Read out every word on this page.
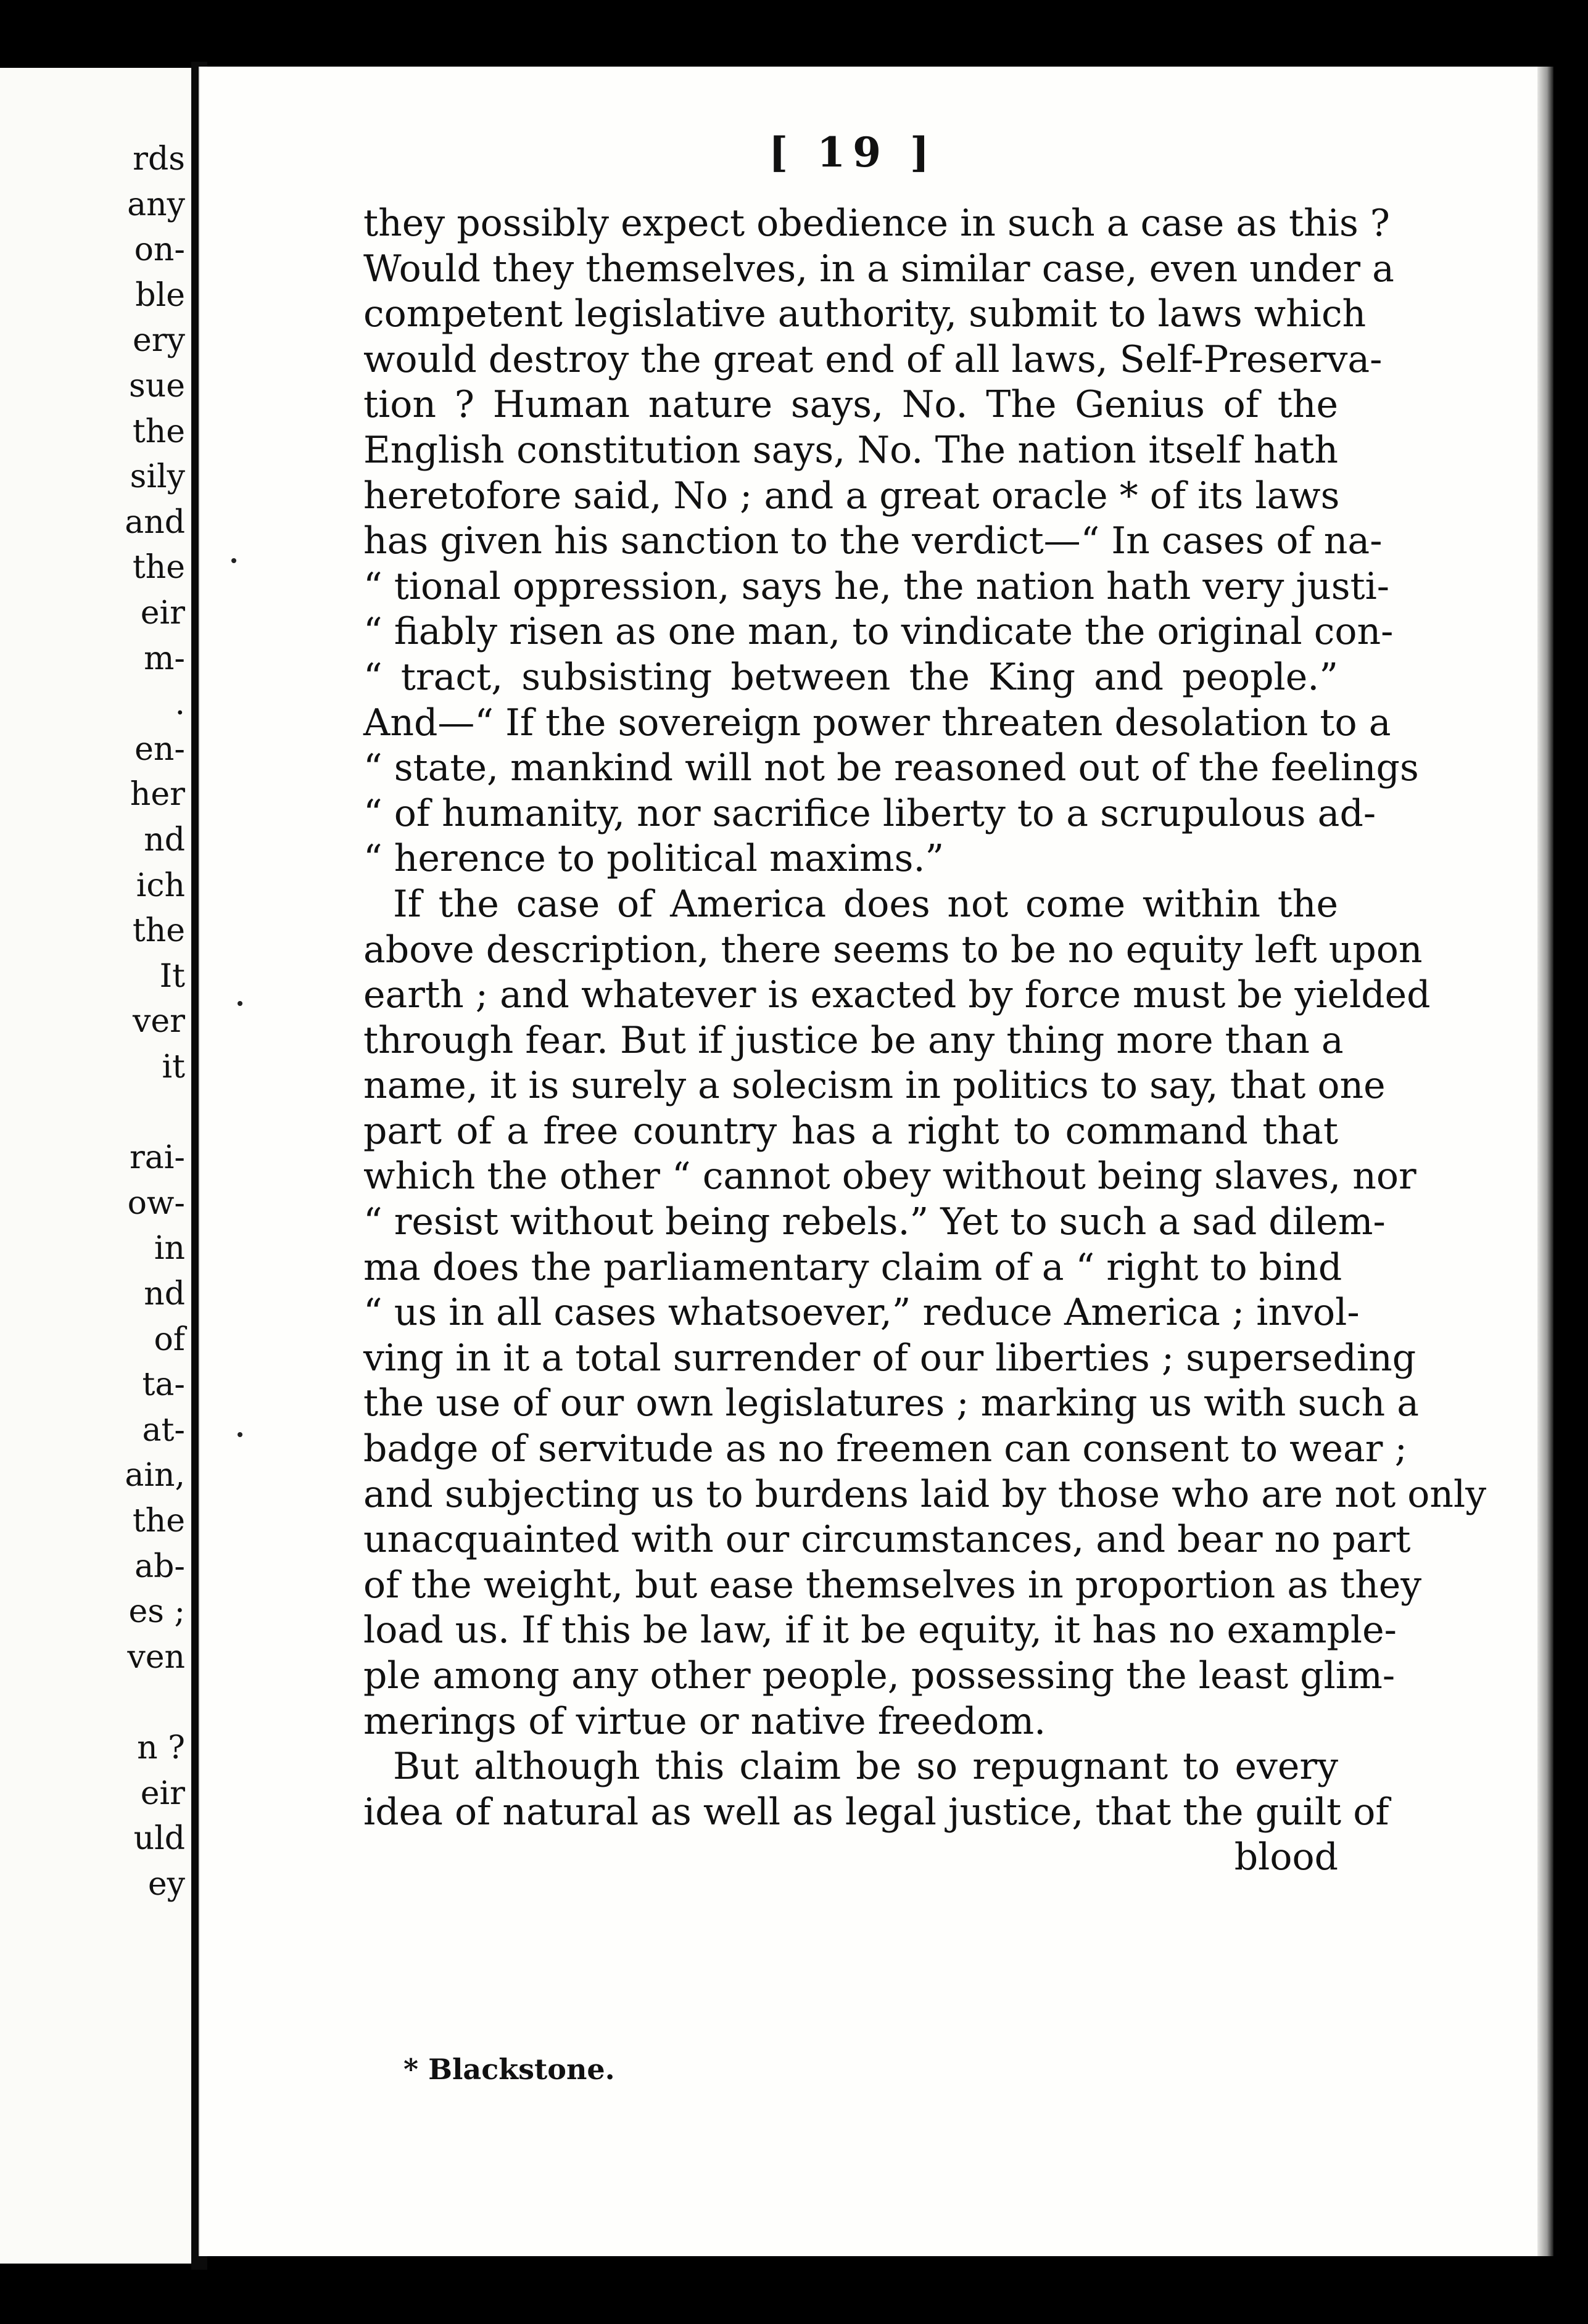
rds
any
on-
ble
ery
sue
the
sily
and
the
eir
m-
.
en-
her
nd
ich
the
It
ver
it
rai-
ow-
in
nd
of
ta-
at-
ain,
the
ab-
es ;
ven
n ?
eir
uld
ey
[ 19 ]
they possibly expect obedience in such a case as this ?
Would they themselves, in a similar case, even under a
competent legislative authority, submit to laws which
would destroy the great end of all laws, Self-Preserva-
tion ? Human nature says, No. The Genius of the
English constitution says, No. The nation itself hath
heretofore said, No ; and a great oracle * of its laws
has given his sanction to the verdict—“ In cases of na-
“ tional oppression, says he, the nation hath very justi-
“ fiably risen as one man, to vindicate the original con-
“ tract, subsisting between the King and people.”
And—“ If the sovereign power threaten desolation to a
“ state, mankind will not be reasoned out of the feelings
“ of humanity, nor sacrifice liberty to a scrupulous ad-
“ herence to political maxims.”
If the case of America does not come within the
above description, there seems to be no equity left upon
earth ; and whatever is exacted by force must be yielded
through fear. But if justice be any thing more than a
name, it is surely a solecism in politics to say, that one
part of a free country has a right to command that
which the other “ cannot obey without being slaves, nor
“ resist without being rebels.” Yet to such a sad dilem-
ma does the parliamentary claim of a “ right to bind
“ us in all cases whatsoever,” reduce America ; invol-
ving in it a total surrender of our liberties ; superseding
the use of our own legislatures ; marking us with such a
badge of servitude as no freemen can consent to wear ;
and subjecting us to burdens laid by those who are not only
unacquainted with our circumstances, and bear no part
of the weight, but ease themselves in proportion as they
load us. If this be law, if it be equity, it has no example-
ple among any other people, possessing the least glim-
merings of virtue or native freedom.
But although this claim be so repugnant to every
idea of natural as well as legal justice, that the guilt of
blood
* Blackstone.
